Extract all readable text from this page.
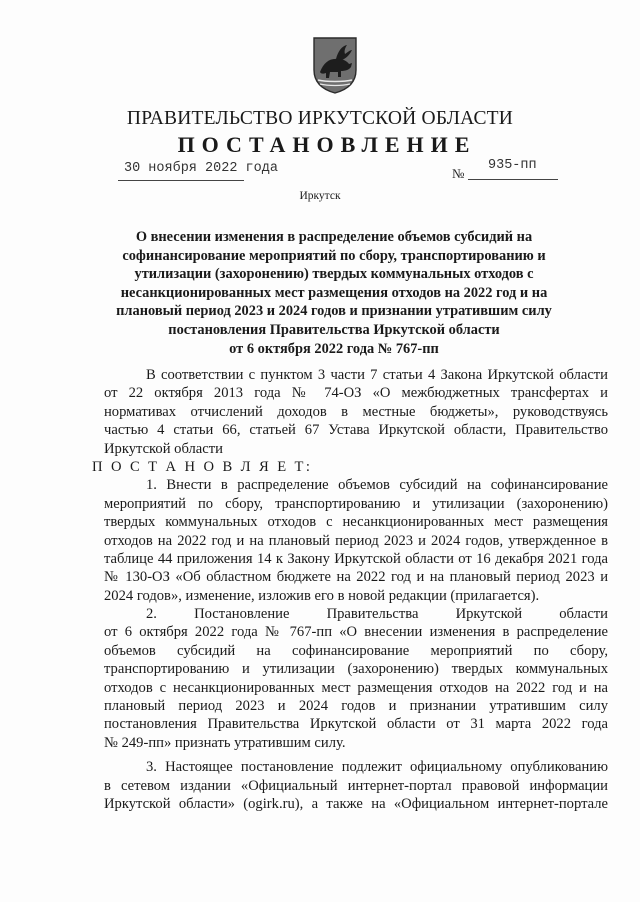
ПРАВИТЕЛЬСТВО ИРКУТСКОЙ ОБЛАСТИ
ПОСТАНОВЛЕНИЕ
30 ноября 2022 года	№
935-пп
Иркутск
О внесении изменения в распределение объемов субсидий на
софинансирование мероприятий по сбору, транспортированию и
утилизации (захоронению) твердых коммунальных отходов с
несанкционированных мест размещения отходов на 2022 год и на
плановый период 2023 и 2024 годов и признании утратившим силу
постановления Правительства Иркутской области
от 6 октября 2022 года № 767-пп
В соответствии с пунктом 3 части 7 статьи 4 Закона Иркутской области
от 22 октября 2013 года № 74-ОЗ «О межбюджетных трансфертах и
нормативах отчислений доходов в местные бюджеты», руководствуясь
частью 4 статьи 66, статьей 67 Устава Иркутской области, Правительство
Иркутской области
П О С Т А Н О В Л Я Е Т:
1. Внести в распределение объемов субсидий на софинансирование
мероприятий по сбору, транспортированию и утилизации (захоронению)
твердых коммунальных отходов с несанкционированных мест размещения
отходов на 2022 год и на плановый период 2023 и 2024 годов, утвержденное в
таблице 44 приложения 14 к Закону Иркутской области от 16 декабря 2021 года
№ 130-ОЗ «Об областном бюджете на 2022 год и на плановый период 2023 и
2024 годов», изменение, изложив его в новой редакции (прилагается).
2. Постановление Правительства Иркутской области
от 6 октября 2022 года № 767-пп «О внесении изменения в распределение
объемов субсидий на софинансирование мероприятий по сбору,
транспортированию и утилизации (захоронению) твердых коммунальных
отходов с несанкционированных мест размещения отходов на 2022 год и на
плановый период 2023 и 2024 годов и признании утратившим силу
постановления Правительства Иркутской области от 31 марта 2022 года
№ 249-пп» признать утратившим силу.
3. Настоящее постановление подлежит официальному опубликованию
в сетевом издании «Официальный интернет-портал правовой информации
Иркутской области» (ogirk.ru), а также на «Официальном интернет-портале
